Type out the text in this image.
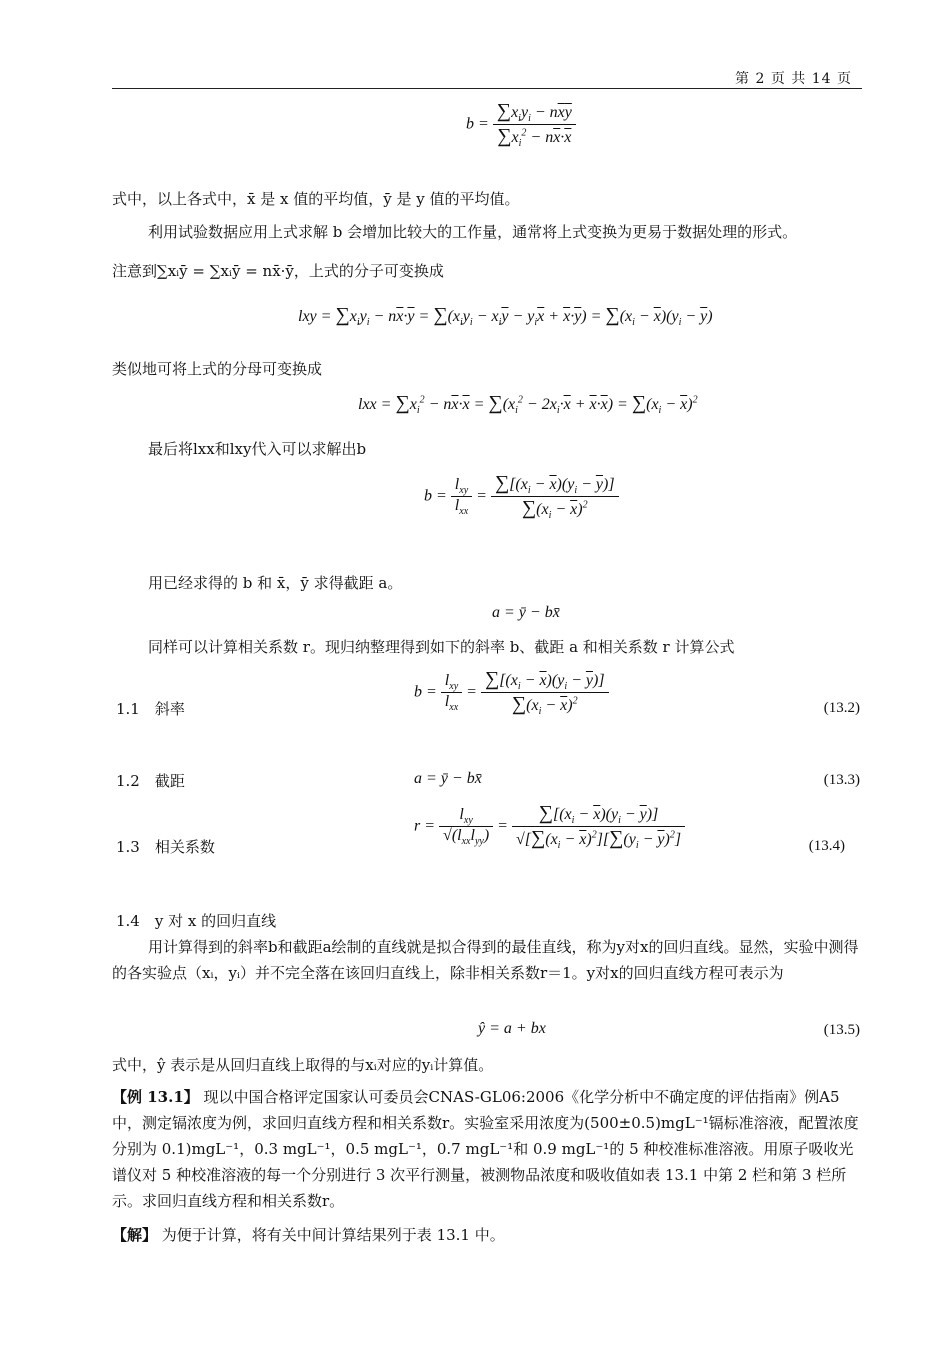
第 2 页 共 14 页
$b = \frac{\sum x_iy_i - n\overline{x}\overline{y}}{\sum x_i^2 - n\overline{x}\cdot\overline{x}}$
式中，以上各式中，x̄ 是 x 值的平均值，ȳ 是 y 值的平均值。
利用试验数据应用上式求解 b 会增加比较大的工作量，通常将上式变换为更易于数据处理的形式。
注意到∑xᵢȳ = ∑xᵢȳ = nx̄·ȳ，上式的分子可变换成
lxy = $\sum x_iy_i - n\overline{x}\cdot\overline{y} = \sum(x_iy_i - x_i\overline{y} - y_i\overline{x} + \overline{x}\cdot\overline{y}) = \sum(x_i - \overline{x})(y_i - \overline{y})$
类似地可将上式的分母可变换成
lxx = $\sum x_i^2 - n\overline{x}\cdot\overline{x} = \sum(x_i^2 - 2x_i\cdot\overline{x} + \overline{x}\cdot\overline{x}) = \sum(x_i - \overline{x})^2$
最后将lxx和lxy代入可以求解出b
$b = \frac{l_{xy}}{l_{xx}} = \frac{\sum[(x_i - \overline{x})(y_i - \overline{y})]}{\sum(x_i - \overline{x})^2}$
用已经求得的 b 和 x̄，ȳ 求得截距 a。
a = ȳ − bx̄
同样可以计算相关系数 r。现归纳整理得到如下的斜率 b、截距 a 和相关系数 r 计算公式
1.1　斜率
$b = \frac{l_{xy}}{l_{xx}} = \frac{\sum[(x_i - \overline{x})(y_i - \overline{y})]}{\sum(x_i - \overline{x})^2}$	(13.2)
1.2　截距	a = ȳ − bx̄	(13.3)
1.3　相关系数
$r = \frac{l_{xy}}{√(l_{xx}l_{yy})} = \frac{\sum[(x_i - \overline{x})(y_i - \overline{y})]}{√[\sum(x_i - \overline{x})^2][\sum(y_i - \overline{y})^2]}$	(13.4)
1.4　y 对 x 的回归直线
用计算得到的斜率b和截距a绘制的直线就是拟合得到的最佳直线，称为y对x的回归直线。显然，实验中测得的各实验点（xᵢ，yᵢ）并不完全落在该回归直线上，除非相关系数r＝1。y对x的回归直线方程可表示为
ŷ = a + bx	(13.5)
式中，ŷ 表示是从回归直线上取得的与xᵢ对应的yᵢ计算值。
【例 13.1】 现以中国合格评定国家认可委员会CNAS-GL06:2006《化学分析中不确定度的评估指南》例A5 中，测定镉浓度为例，求回归直线方程和相关系数r。实验室采用浓度为(500±0.5)mgL⁻¹镉标准溶液，配置浓度分别为 0.1)mgL⁻¹，0.3 mgL⁻¹，0.5 mgL⁻¹，0.7 mgL⁻¹和 0.9 mgL⁻¹的 5 种校准标准溶液。用原子吸收光谱仪对 5 种校准溶液的每一个分别进行 3 次平行测量，被测物品浓度和吸收值如表 13.1 中第 2 栏和第 3 栏所示。求回归直线方程和相关系数r。
【解】 为便于计算，将有关中间计算结果列于表 13.1 中。
